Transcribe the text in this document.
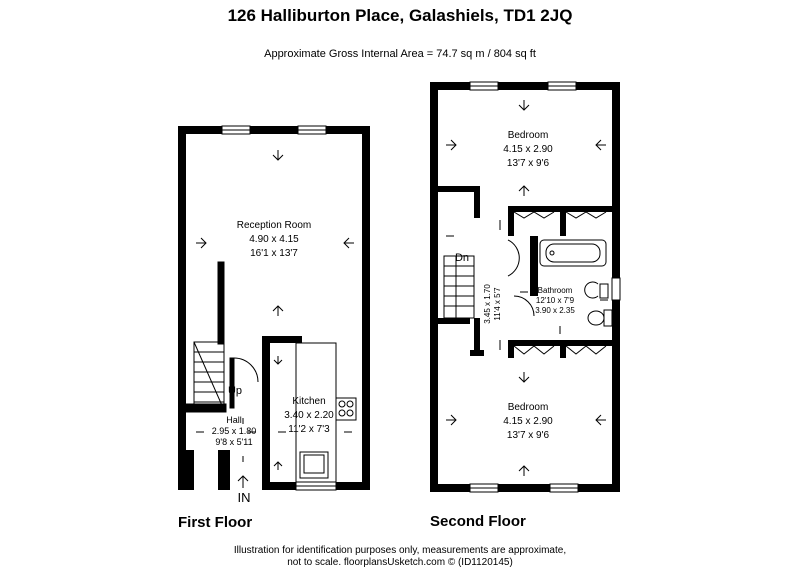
126 Halliburton Place, Galashiels, TD1 2JQ
Approximate Gross Internal Area = 74.7 sq m / 804 sq ft
Reception Room
4.90 x 4.15
16'1 x 13'7
Kitchen
3.40 x 2.20
11'2 x 7'3
Hall
2.95 x 1.80
9'8 x 5'11
Up
IN
Bedroom
4.15 x 2.90
13'7 x 9'6
Bathroom
12'10 x 7'9
3.90 x 2.35
Dn
Bedroom
4.15 x 2.90
13'7 x 9'6
3.45 x 1.70 11'4 x 5'7
First Floor	Second Floor
Illustration for identification purposes only, measurements are approximate,
not to scale. floorplansUsketch.com © (ID1120145)
